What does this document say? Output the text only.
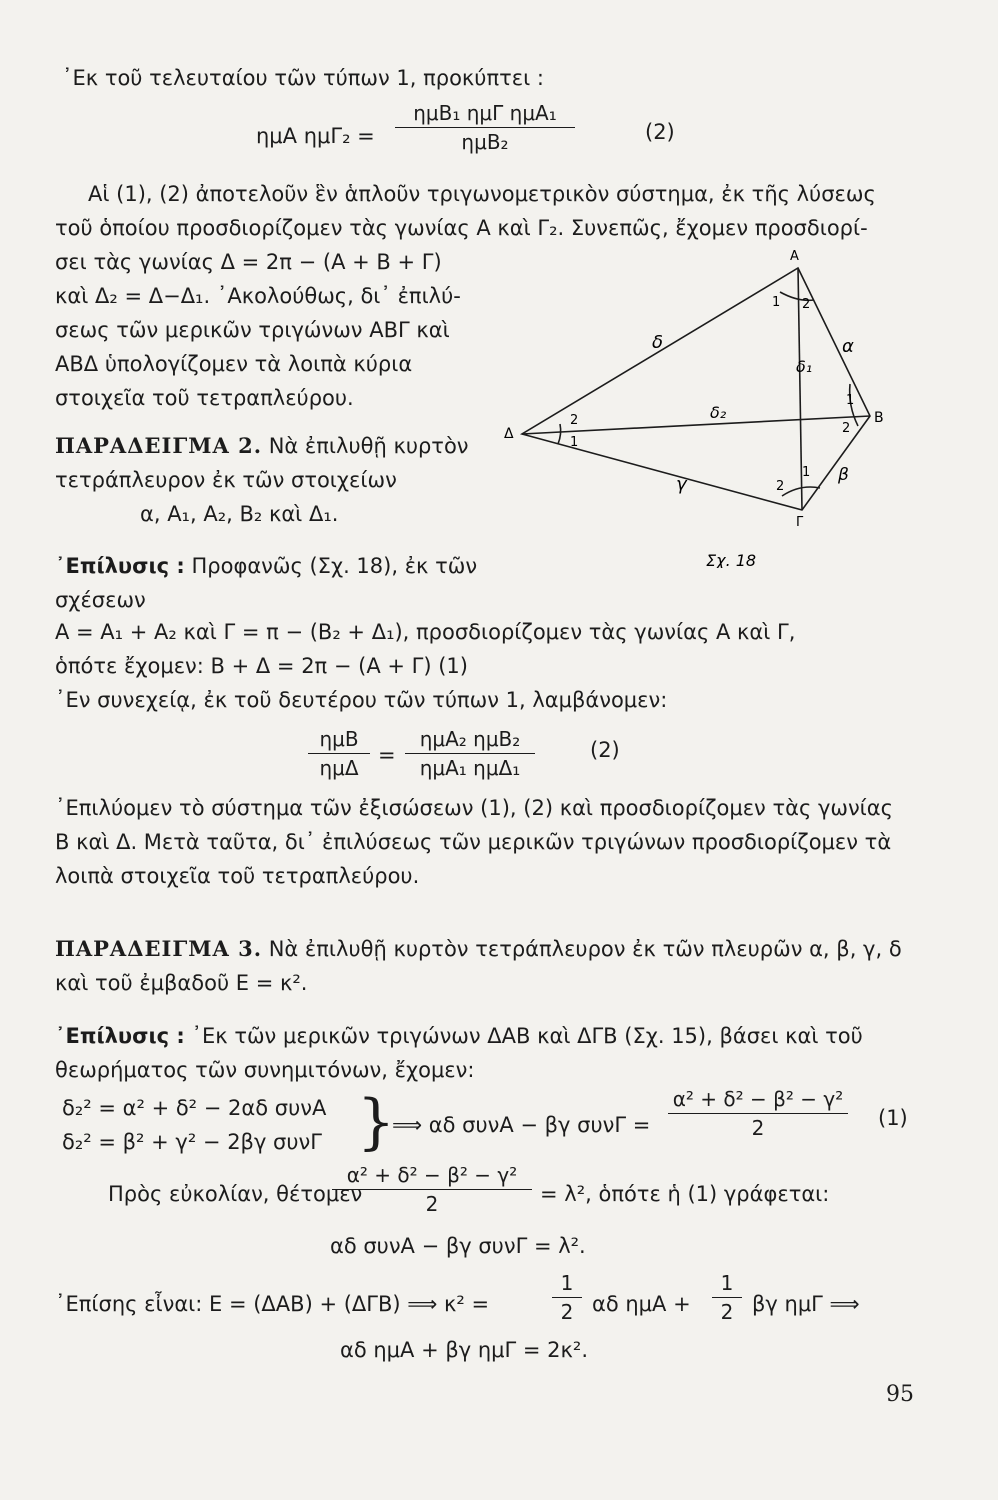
᾿Εκ τοῦ τελευταίου τῶν τύπων 1, προκύπτει :
ημΑ ημΓ₂ =
ημΒ₁ ημΓ ημΑ₁
ημΒ₂	(2)
Αἱ (1), (2) ἀποτελοῦν ἓν ἁπλοῦν τριγωνομετρικὸν σύστημα, ἐκ τῆς λύσεως
τοῦ ὁποίου προσδιορίζομεν τὰς γωνίας Α καὶ Γ₂. Συνεπῶς, ἔχομεν προσδιορί-
σει τὰς γωνίας Δ = 2π − (Α + Β + Γ)
καὶ Δ₂ = Δ−Δ₁. ᾿Ακολούθως, δι᾿ ἐπιλύ-
σεως τῶν μερικῶν τριγώνων ΑΒΓ καὶ
ΑΒΔ ὑπολογίζομεν τὰ λοιπὰ κύρια
στοιχεῖα τοῦ τετραπλεύρου.
ΠΑΡΑΔΕΙΓΜΑ 2. Νὰ ἐπιλυθῇ κυρτὸν
τετράπλευρον ἐκ τῶν στοιχείων
α, Α₁, Α₂, Β₂ καὶ Δ₁.
᾿Επίλυσις : Προφανῶς (Σχ. 18), ἐκ τῶν
σχέσεων
Α = Α₁ + Α₂ καὶ Γ = π − (Β₂ + Δ₁), προσδιορίζομεν τὰς γωνίας Α καὶ Γ,
ὁπότε ἔχομεν: Β + Δ = 2π − (Α + Γ) (1)
᾿Εν συνεχείᾳ, ἐκ τοῦ δευτέρου τῶν τύπων 1, λαμβάνομεν:
ημΒ
ημΔ
=
ημΑ₂ ημΒ₂
ημΑ₁ ημΔ₁
(2)
᾿Επιλύομεν τὸ σύστημα τῶν ἐξισώσεων (1), (2) καὶ προσδιορίζομεν τὰς γωνίας
Β καὶ Δ. Μετὰ ταῦτα, δι᾿ ἐπιλύσεως τῶν μερικῶν τριγώνων προσδιορίζομεν τὰ
λοιπὰ στοιχεῖα τοῦ τετραπλεύρου.
ΠΑΡΑΔΕΙΓΜΑ 3. Νὰ ἐπιλυθῇ κυρτὸν τετράπλευρον ἐκ τῶν πλευρῶν α, β, γ, δ
καὶ τοῦ ἐμβαδοῦ Ε = κ².
᾿Επίλυσις : ᾿Εκ τῶν μερικῶν τριγώνων ΔΑΒ καὶ ΔΓΒ (Σχ. 15), βάσει καὶ τοῦ
θεωρήματος τῶν συνημιτόνων, ἔχομεν:
δ₂² = α² + δ² − 2αδ συνΑ
δ₂² = β² + γ² − 2βγ συνΓ }
⟹ αδ συνΑ − βγ συνΓ =
α² + δ² − β² − γ²
2	(1)
Πρὸς εὐκολίαν, θέτομεν
α² + δ² − β² − γ²
2	= λ², ὁπότε ἡ (1) γράφεται:
αδ συνΑ − βγ συνΓ = λ².
᾿Επίσης εἶναι: Ε = (ΔΑΒ) + (ΔΓΒ) ⟹ κ² =
1
2 αδ ημΑ +
1
2 βγ ημΓ ⟹
αδ ημΑ + βγ ημΓ = 2κ².
95
Α
Β
Γ
Δ
α
β
γ
δ
δ₁
δ₂
1 2
1
2
1
2
1
2
Σχ. 18
